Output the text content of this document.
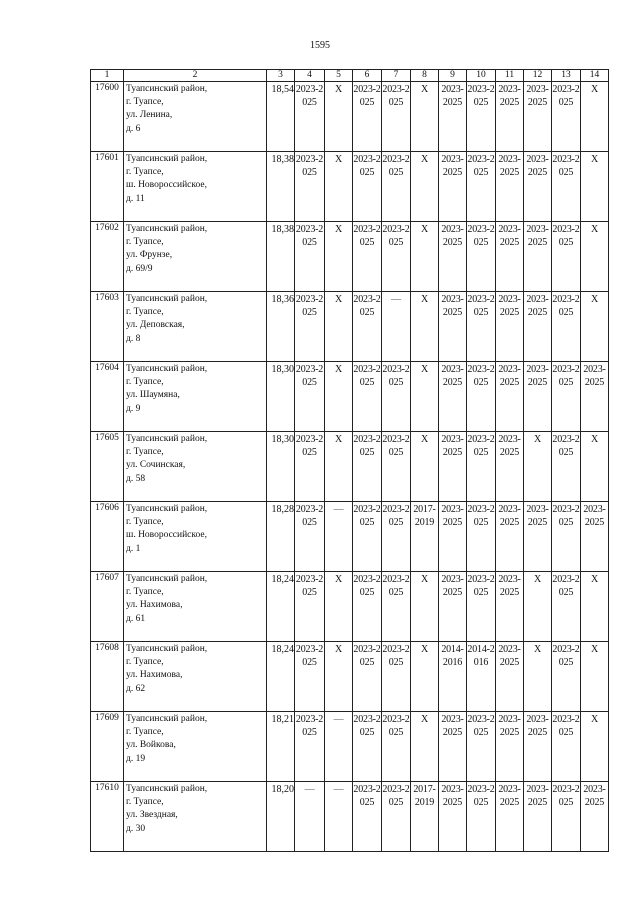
1595
1	2	3	4	5	6	7	8	9	10	11	12	13	14
17600	Туапсинский район,
г. Туапсе,
ул. Ленина,
д. 6	18,54	2023-2025	X	2023-2025	2023-2025	X	2023-2025	2023-2025	2023-2025	2023-2025	2023-2025	X

17601	Туапсинский район,
г. Туапсе,
ш. Новороссийское,
д. 11	18,38	2023-2025	X	2023-2025	2023-2025	X	2023-2025	2023-2025	2023-2025	2023-2025	2023-2025	X

17602	Туапсинский район,
г. Туапсе,
ул. Фрунзе,
д. 69/9	18,38	2023-2025	X	2023-2025	2023-2025	X	2023-2025	2023-2025	2023-2025	2023-2025	2023-2025	X

17603	Туапсинский район,
г. Туапсе,
ул. Деповская,
д. 8	18,36	2023-2025	X	2023-2025	—	X	2023-2025	2023-2025	2023-2025	2023-2025	2023-2025	X

17604	Туапсинский район,
г. Туапсе,
ул. Шаумяна,
д. 9	18,30	2023-2025	X	2023-2025	2023-2025	X	2023-2025	2023-2025	2023-2025	2023-2025	2023-2025	2023-2025

17605	Туапсинский район,
г. Туапсе,
ул. Сочинская,
д. 58	18,30	2023-2025	X	2023-2025	2023-2025	X	2023-2025	2023-2025	2023-2025	X	2023-2025	X

17606	Туапсинский район,
г. Туапсе,
ш. Новороссийское,
д. 1	18,28	2023-2025	—	2023-2025	2023-2025	2017-2019	2023-2025	2023-2025	2023-2025	2023-2025	2023-2025	2023-2025

17607	Туапсинский район,
г. Туапсе,
ул. Нахимова,
д. 61	18,24	2023-2025	X	2023-2025	2023-2025	X	2023-2025	2023-2025	2023-2025	X	2023-2025	X

17608	Туапсинский район,
г. Туапсе,
ул. Нахимова,
д. 62	18,24	2023-2025	X	2023-2025	2023-2025	X	2014-2016	2014-2016	2023-2025	X	2023-2025	X

17609	Туапсинский район,
г. Туапсе,
ул. Войкова,
д. 19	18,21	2023-2025	—	2023-2025	2023-2025	X	2023-2025	2023-2025	2023-2025	2023-2025	2023-2025	X

17610	Туапсинский район,
г. Туапсе,
ул. Звездная,
д. 30	18,20	—	—	2023-2025	2023-2025	2017-2019	2023-2025	2023-2025	2023-2025	2023-2025	2023-2025	2023-2025
